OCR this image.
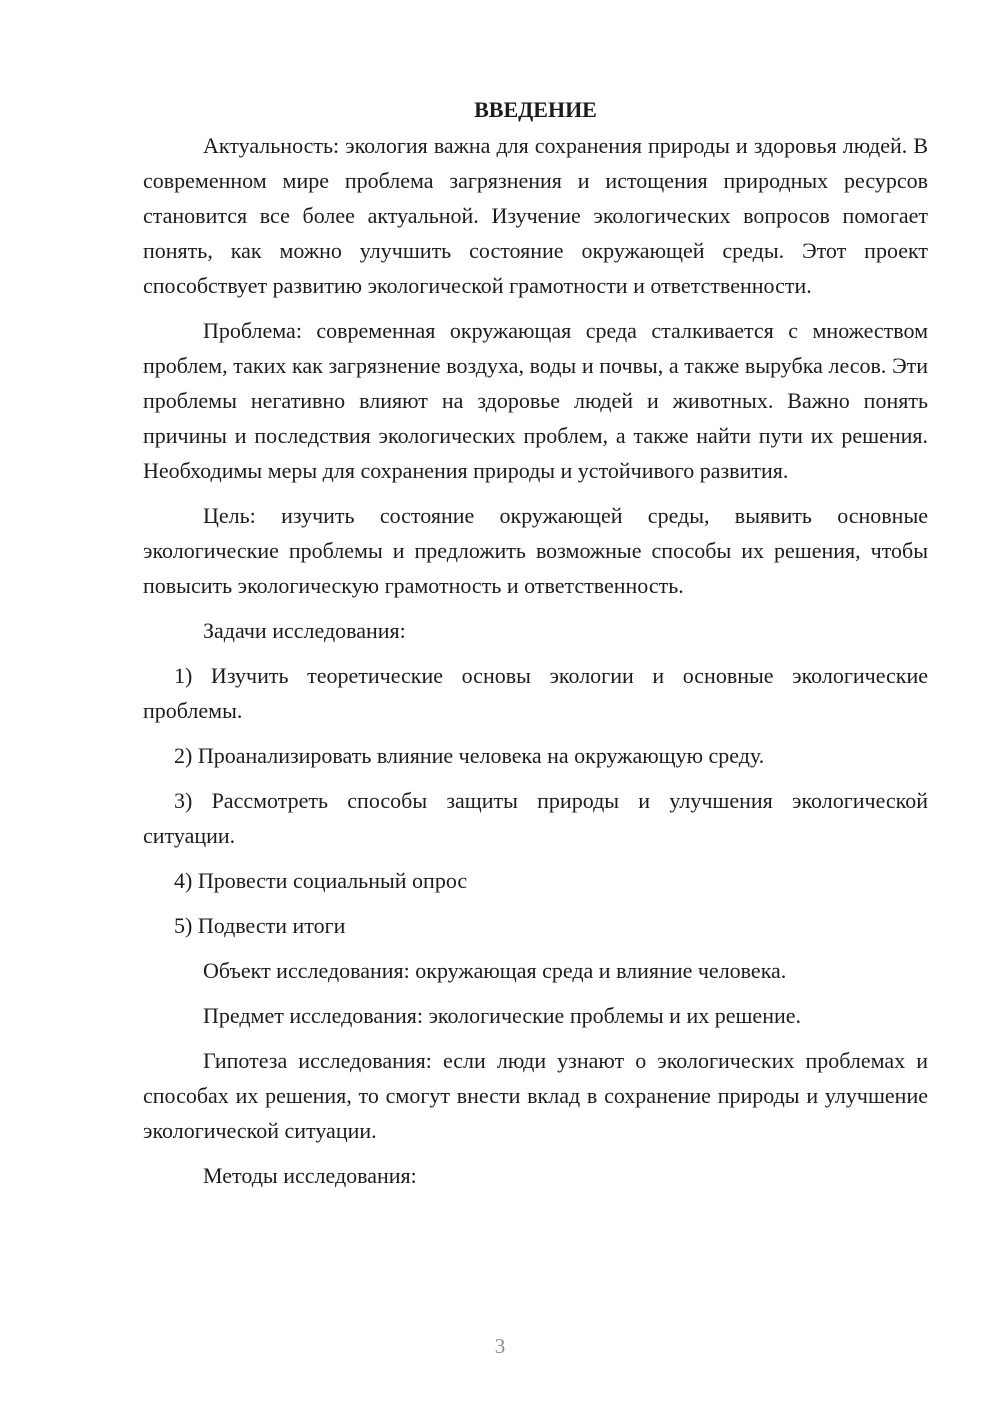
ВВЕДЕНИЕ

Актуальность: экология важна для сохранения природы и здоровья людей. В современном мире проблема загрязнения и истощения природных ресурсов становится все более актуальной. Изучение экологических вопросов помогает понять, как можно улучшить состояние окружающей среды. Этот проект способствует развитию экологической грамотности и ответственности.

Проблема: современная окружающая среда сталкивается с множеством проблем, таких как загрязнение воздуха, воды и почвы, а также вырубка лесов. Эти проблемы негативно влияют на здоровье людей и животных. Важно понять причины и последствия экологических проблем, а также найти пути их решения. Необходимы меры для сохранения природы и устойчивого развития.

Цель: изучить состояние окружающей среды, выявить основные экологические проблемы и предложить возможные способы их решения, чтобы повысить экологическую грамотность и ответственность.

Задачи исследования:

1) Изучить теоретические основы экологии и основные экологические проблемы.

2) Проанализировать влияние человека на окружающую среду.

3) Рассмотреть способы защиты природы и улучшения экологической ситуации.

4) Провести социальный опрос

5) Подвести итоги

Объект исследования: окружающая среда и влияние человека.

Предмет исследования: экологические проблемы и их решение.

Гипотеза исследования: если люди узнают о экологических проблемах и способах их решения, то смогут внести вклад в сохранение природы и улучшение экологической ситуации.

Методы исследования:

3
